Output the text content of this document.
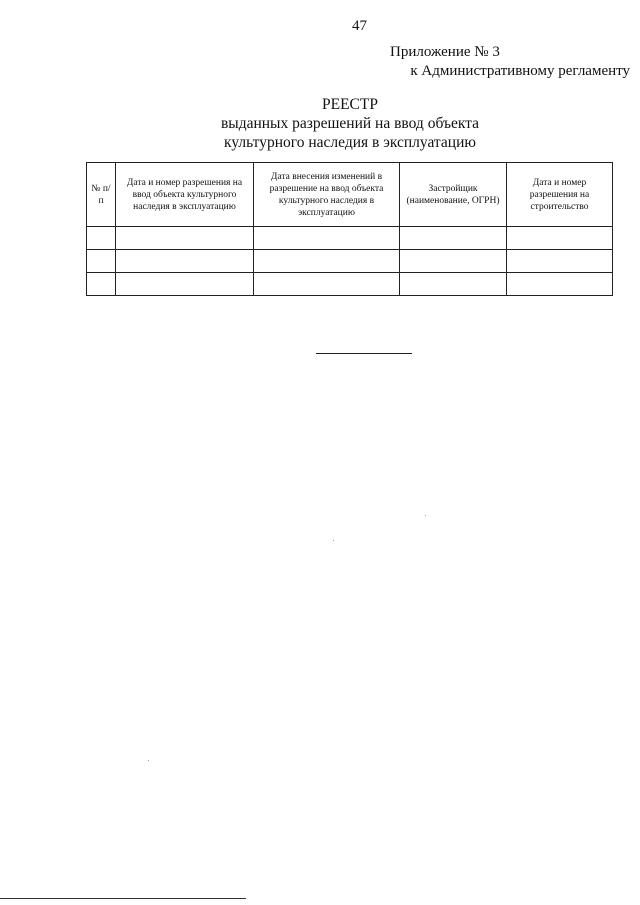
47
Приложение № 3
к Административному регламенту
РЕЕСТР
выданных разрешений на ввод объекта
культурного наследия в эксплуатацию
№ п/п	Дата и номер разрешения на ввод объекта культурного наследия в эксплуатацию	Дата внесения изменений в разрешение на ввод объекта культурного наследия в эксплуатацию	Застройщик (наименование, ОГРН)	Дата и номер разрешения на строительство
